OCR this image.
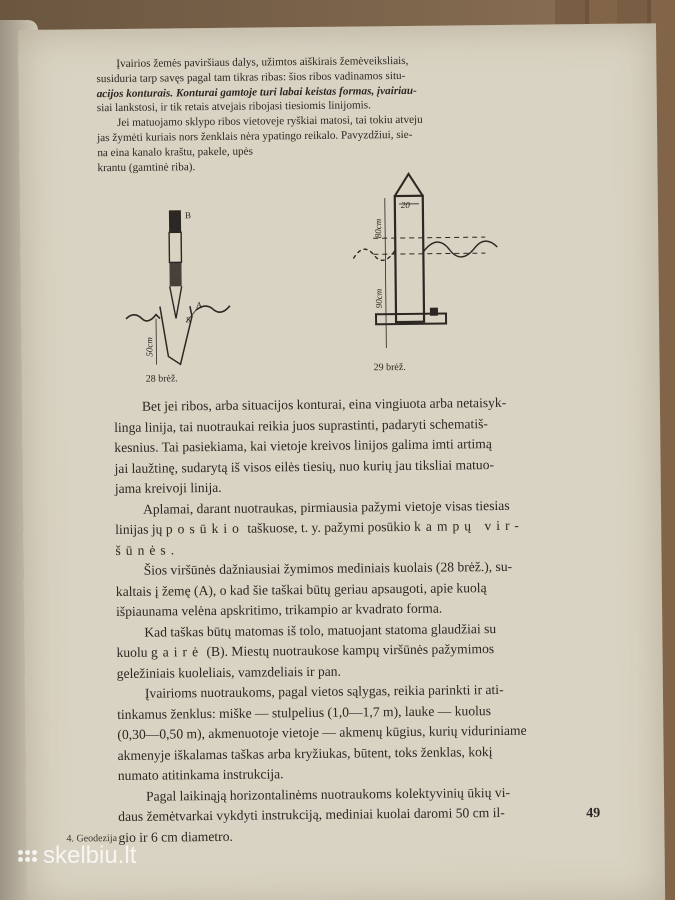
Įvairios žemės paviršiaus dalys, užimtos aiškirais žemėveiksliais,

susiduria tarp savęs pagal tam tikras ribas: šios ribos vadinamos situ-
acijos konturais. Konturai gamtoje turi labai keistas formas, įvairiau-
siai lankstosi, ir tik retais atvejais ribojasi tiesiomis linijomis.

Jei matuojamo sklypo ribos vietoveje ryškiai matosi, tai tokiu atveju

jas žymėti kuriais nors ženklais nėra ypatingo reikalo. Pavyzdžiui, sie-
na eina kanalo kraštu, pakele, upės
krantu (gamtinė riba).
B
A
S
50cm
28 brėž.
20
80cm
90cm
29 brėž.

Bet jei ribos, arba situacijos konturai, eina vingiuota arba netaisyk-

linga linija, tai nuotraukai reikia juos suprastinti, padaryti schematiš-
kesnius. Tai pasiekiama, kai vietoje kreivos linijos galima imti artimą
jai laužtinę, sudarytą iš visos eilės tiesių, nuo kurių jau tiksliai matuo-
jama kreivoji linija.

Aplamai, darant nuotraukas, pirmiausia pažymi vietoje visas tiesias

linijas jų posūkio taškuose, t. y. pažymi posūkio kampų vir-
šūnės.

Šios viršūnės dažniausiai žymimos mediniais kuolais (28 brėž.), su-

kaltais į žemę (A), o kad šie taškai būtų geriau apsaugoti, apie kuolą
išpiaunama velėna apskritimo, trikampio ar kvadrato forma.

Kad taškas būtų matomas iš tolo, matuojant statoma glaudžiai su

kuolu gairė (B). Miestų nuotraukose kampų viršūnės pažymimos
geležiniais kuoleliais, vamzdeliais ir pan.

Įvairioms nuotraukoms, pagal vietos sąlygas, reikia parinkti ir ati-

tinkamus ženklus: miške — stulpelius (1,0—1,7 m), lauke — kuolus
(0,30—0,50 m), akmenuotoje vietoje — akmenų kūgius, kurių viduriniame
akmenyje iškalamas taškas arba kryžiukas, būtent, toks ženklas, kokį
numato atitinkama instrukcija.

Pagal laikinąją horizontalinėms nuotraukoms kolektyvinių ūkių vi-

daus žemėtvarkai vykdyti instrukciją, mediniai kuolai daromi 50 cm il-
gio ir 6 cm diametro.
49
4. Geodezija
skelbiu.lt
